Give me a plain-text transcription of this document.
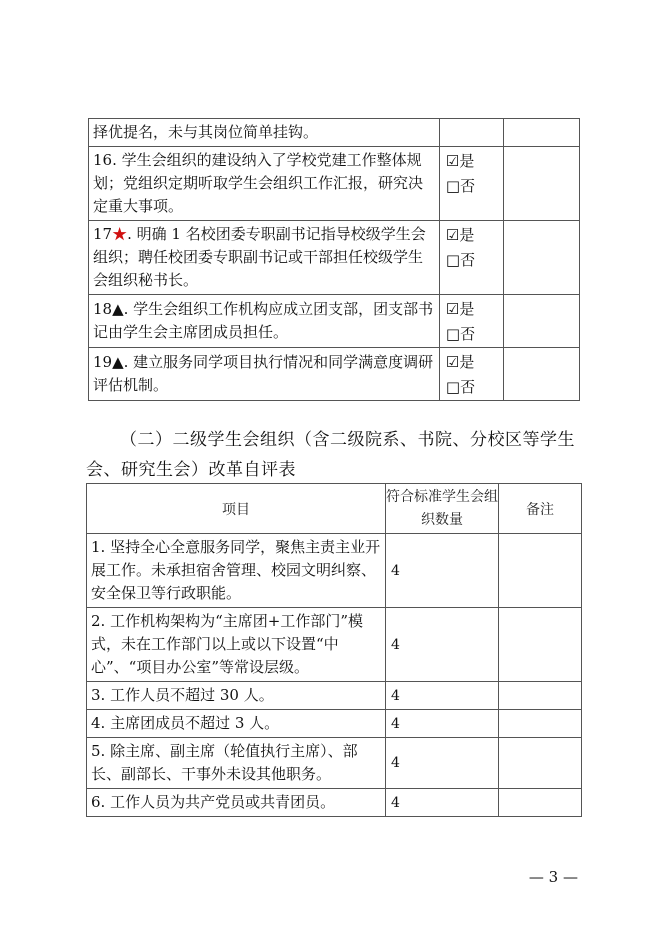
择优提名，未与其岗位简单挂钩。		
16. 学生会组织的建设纳入了学校党建工作整体规划；党组织定期听取学生会组织工作汇报，研究决定重大事项。	☑是
□否	

17★. 明确 1 名校团委专职副书记指导校级学生会组织；聘任校团委专职副书记或干部担任校级学生会组织秘书长。	☑是
□否	

18▲. 学生会组织工作机构应成立团支部，团支部书记由学生会主席团成员担任。	☑是
□否	

19▲. 建立服务同学项目执行情况和同学满意度调研评估机制。	☑是
□否	

（二）二级学生会组织（含二级院系、书院、分校区等学生
会、研究生会）改革自评表
项目	符合标准学生会组织数量	备注
1. 坚持全心全意服务同学，聚焦主责主业开展工作。未承担宿舍管理、校园文明纠察、安全保卫等行政职能。	4	
2. 工作机构架构为“主席团+工作部门”模式，未在工作部门以上或以下设置“中心”、“项目办公室”等常设层级。	4	
3. 工作人员不超过 30 人。	4	
4. 主席团成员不超过 3 人。	4	
5. 除主席、副主席（轮值执行主席）、部长、副部长、干事外未设其他职务。	4	
6. 工作人员为共产党员或共青团员。	4	
— 3 —
